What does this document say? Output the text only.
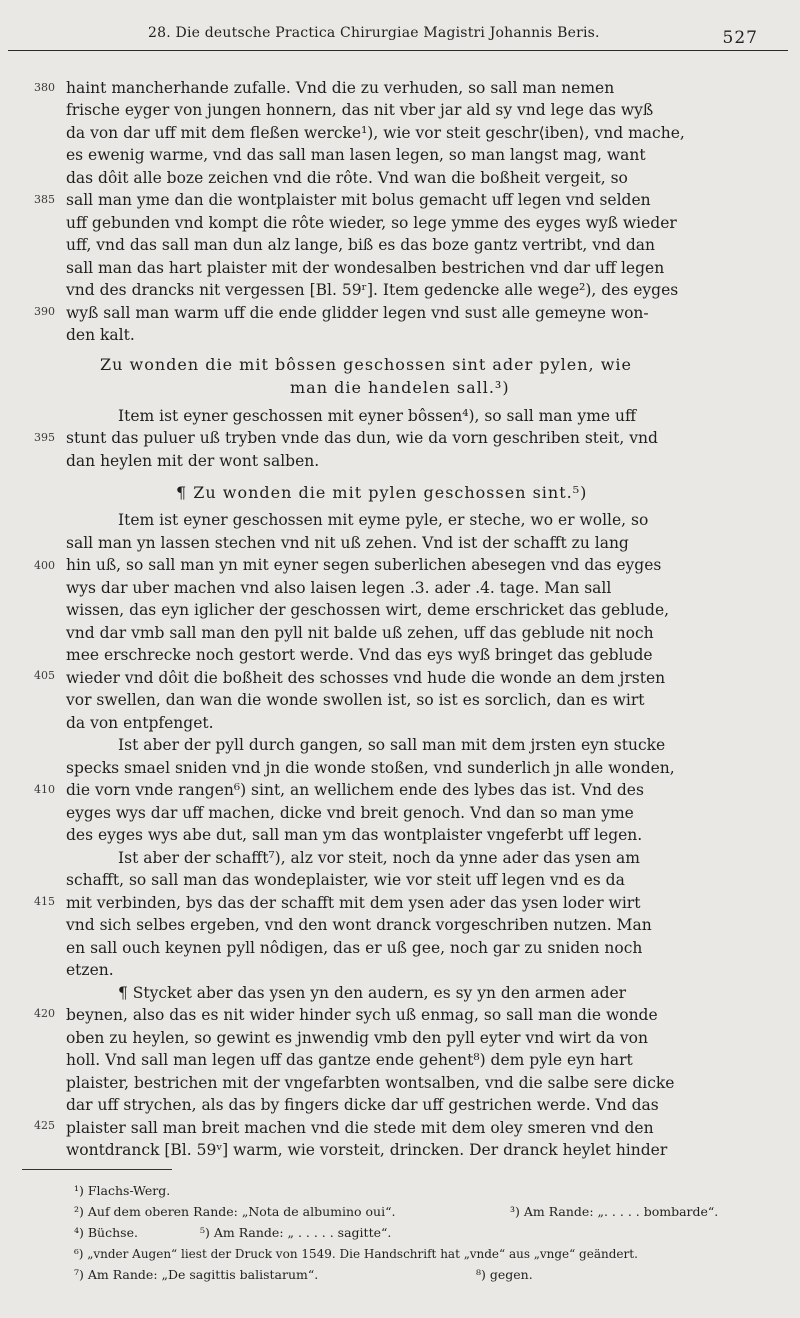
28. Die deutsche Practica Chirurgiae Magistri Johannis Beris.	527
380
385
390
395
400
405
410
415
420
425
haint mancherhande zufalle. Vnd die zu verhuden, so sall man nemen
frische eyger von jungen honnern, das nit vber jar ald sy vnd lege das wyß
da von dar uff mit dem fleßen wercke¹), wie vor steit geschr⟨iben⟩, vnd mache,
es ewenig warme, vnd das sall man lasen legen, so man langst mag, want
das dôit alle boze zeichen vnd die rôte. Vnd wan die boßheit vergeit, so
sall man yme dan die wontplaister mit bolus gemacht uff legen vnd selden
uff gebunden vnd kompt die rôte wieder, so lege ymme des eyges wyß wieder
uff, vnd das sall man dun alz lange, biß es das boze gantz vertribt, vnd dan
sall man das hart plaister mit der wondesalben bestrichen vnd dar uff legen
vnd des drancks nit vergessen [Bl. 59ʳ]. Item gedencke alle wege²), des eyges
wyß sall man warm uff die ende glidder legen vnd sust alle gemeyne won-
den kalt.
Zu wonden die mit bôssen geschossen sint ader pylen, wie
man die handelen sall.³)
Item ist eyner geschossen mit eyner bôssen⁴), so sall man yme uff
stunt das puluer uß tryben vnde das dun, wie da vorn geschriben steit, vnd
dan heylen mit der wont salben.
¶ Zu wonden die mit pylen geschossen sint.⁵)
Item ist eyner geschossen mit eyme pyle, er steche, wo er wolle, so
sall man yn lassen stechen vnd nit uß zehen. Vnd ist der schafft zu lang
hin uß, so sall man yn mit eyner segen suberlichen abesegen vnd das eyges
wys dar uber machen vnd also laisen legen .3. ader .4. tage. Man sall
wissen, das eyn iglicher der geschossen wirt, deme erschricket das geblude,
vnd dar vmb sall man den pyll nit balde uß zehen, uff das geblude nit noch
mee erschrecke noch gestort werde. Vnd das eys wyß bringet das geblude
wieder vnd dôit die boßheit des schosses vnd hude die wonde an dem jrsten
vor swellen, dan wan die wonde swollen ist, so ist es sorclich, dan es wirt
da von entpfenget.
Ist aber der pyll durch gangen, so sall man mit dem jrsten eyn stucke
specks smael sniden vnd jn die wonde stoßen, vnd sunderlich jn alle wonden,
die vorn vnde rangen⁶) sint, an wellichem ende des lybes das ist. Vnd des
eyges wys dar uff machen, dicke vnd breit genoch. Vnd dan so man yme
des eyges wys abe dut, sall man ym das wontplaister vngeferbt uff legen.
Ist aber der schafft⁷), alz vor steit, noch da ynne ader das ysen am
schafft, so sall man das wondeplaister, wie vor steit uff legen vnd es da
mit verbinden, bys das der schafft mit dem ysen ader das ysen loder wirt
vnd sich selbes ergeben, vnd den wont dranck vorgeschriben nutzen. Man
en sall ouch keynen pyll nôdigen, das er uß gee, noch gar zu sniden noch
etzen.
¶ Stycket aber das ysen yn den audern, es sy yn den armen ader
beynen, also das es nit wider hinder sych uß enmag, so sall man die wonde
oben zu heylen, so gewint es jnwendig vmb den pyll eyter vnd wirt da von
holl. Vnd sall man legen uff das gantze ende gehent⁸) dem pyle eyn hart
plaister, bestrichen mit der vngefarbten wontsalben, vnd die salbe sere dicke
dar uff strychen, als das by fingers dicke dar uff gestrichen werde. Vnd das
plaister sall man breit machen vnd die stede mit dem oley smeren vnd den
wontdranck [Bl. 59ᵛ] warm, wie vorsteit, drincken. Der dranck heylet hinder
¹) Flachs-Werg.
²) Auf dem oberen Rande: „Nota de albumino oui“.	³) Am Rande: „. . . . . bombarde“.
⁴) Büchse.	⁵) Am Rande: „ . . . . . sagitte“.
⁶) „vnder Augen“ liest der Druck von 1549. Die Handschrift hat „vnde“ aus „vnge“ geändert.
⁷) Am Rande: „De sagittis balistarum“.	⁸) gegen.
